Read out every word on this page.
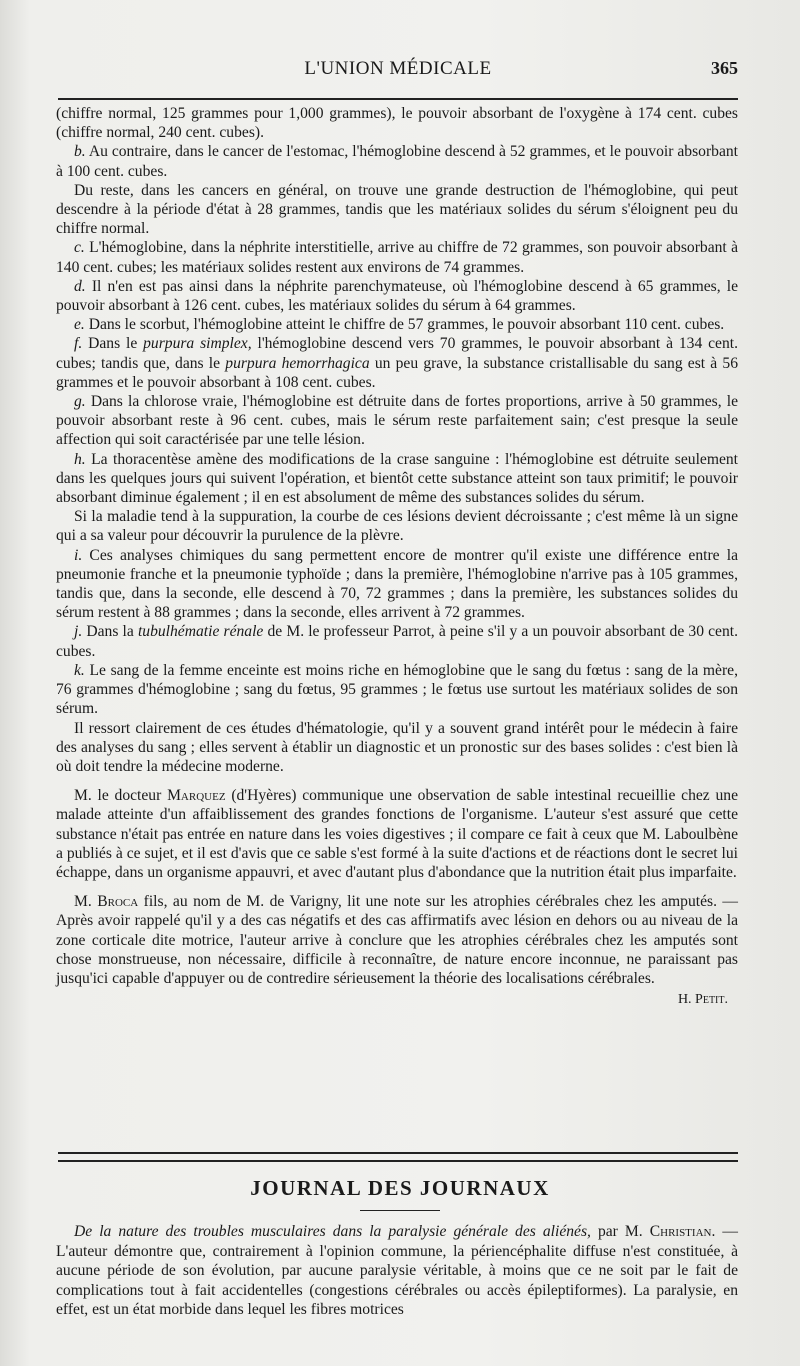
L'UNION MÉDICALE	365

(chiffre normal, 125 grammes pour 1,000 grammes), le pouvoir absorbant de l'oxygène à 174 cent. cubes (chiffre normal, 240 cent. cubes).

b. Au contraire, dans le cancer de l'estomac, l'hémoglobine descend à 52 grammes, et le pouvoir absorbant à 100 cent. cubes.

Du reste, dans les cancers en général, on trouve une grande destruction de l'hémoglobine, qui peut descendre à la période d'état à 28 grammes, tandis que les matériaux solides du sérum s'éloignent peu du chiffre normal.

c. L'hémoglobine, dans la néphrite interstitielle, arrive au chiffre de 72 grammes, son pouvoir absorbant à 140 cent. cubes; les matériaux solides restent aux environs de 74 grammes.

d. Il n'en est pas ainsi dans la néphrite parenchymateuse, où l'hémoglobine descend à 65 grammes, le pouvoir absorbant à 126 cent. cubes, les matériaux solides du sérum à 64 grammes.

e. Dans le scorbut, l'hémoglobine atteint le chiffre de 57 grammes, le pouvoir absorbant 110 cent. cubes.

f. Dans le purpura simplex, l'hémoglobine descend vers 70 grammes, le pouvoir absorbant à 134 cent. cubes; tandis que, dans le purpura hemorrhagica un peu grave, la substance cristallisable du sang est à 56 grammes et le pouvoir absorbant à 108 cent. cubes.

g. Dans la chlorose vraie, l'hémoglobine est détruite dans de fortes proportions, arrive à 50 grammes, le pouvoir absorbant reste à 96 cent. cubes, mais le sérum reste parfaitement sain; c'est presque la seule affection qui soit caractérisée par une telle lésion.

h. La thoracentèse amène des modifications de la crase sanguine : l'hémoglobine est détruite seulement dans les quelques jours qui suivent l'opération, et bientôt cette substance atteint son taux primitif; le pouvoir absorbant diminue également ; il en est absolument de même des substances solides du sérum.

Si la maladie tend à la suppuration, la courbe de ces lésions devient décroissante ; c'est même là un signe qui a sa valeur pour découvrir la purulence de la plèvre.

i. Ces analyses chimiques du sang permettent encore de montrer qu'il existe une différence entre la pneumonie franche et la pneumonie typhoïde ; dans la première, l'hémoglobine n'arrive pas à 105 grammes, tandis que, dans la seconde, elle descend à 70, 72 grammes ; dans la première, les substances solides du sérum restent à 88 grammes ; dans la seconde, elles arrivent à 72 grammes.

j. Dans la tubulhématie rénale de M. le professeur Parrot, à peine s'il y a un pouvoir absorbant de 30 cent. cubes.

k. Le sang de la femme enceinte est moins riche en hémoglobine que le sang du fœtus : sang de la mère, 76 grammes d'hémoglobine ; sang du fœtus, 95 grammes ; le fœtus use surtout les matériaux solides de son sérum.

Il ressort clairement de ces études d'hématologie, qu'il y a souvent grand intérêt pour le médecin à faire des analyses du sang ; elles servent à établir un diagnostic et un pronostic sur des bases solides : c'est bien là où doit tendre la médecine moderne.

M. le docteur Marquez (d'Hyères) communique une observation de sable intestinal recueillie chez une malade atteinte d'un affaiblissement des grandes fonctions de l'organisme. L'auteur s'est assuré que cette substance n'était pas entrée en nature dans les voies digestives ; il compare ce fait à ceux que M. Laboulbène a publiés à ce sujet, et il est d'avis que ce sable s'est formé à la suite d'actions et de réactions dont le secret lui échappe, dans un organisme appauvri, et avec d'autant plus d'abondance que la nutrition était plus imparfaite.

M. Broca fils, au nom de M. de Varigny, lit une note sur les atrophies cérébrales chez les amputés. — Après avoir rappelé qu'il y a des cas négatifs et des cas affirmatifs avec lésion en dehors ou au niveau de la zone corticale dite motrice, l'auteur arrive à conclure que les atrophies cérébrales chez les amputés sont chose monstrueuse, non nécessaire, difficile à reconnaître, de nature encore inconnue, ne paraissant pas jusqu'ici capable d'appuyer ou de contredire sérieusement la théorie des localisations cérébrales.

H. Petit.
JOURNAL DES JOURNAUX

De la nature des troubles musculaires dans la paralysie générale des aliénés, par M. Christian. — L'auteur démontre que, contrairement à l'opinion commune, la périencéphalite diffuse n'est constituée, à aucune période de son évolution, par aucune paralysie véritable, à moins que ce ne soit par le fait de complications tout à fait accidentelles (congestions cérébrales ou accès épileptiformes). La paralysie, en effet, est un état morbide dans lequel les fibres motrices
